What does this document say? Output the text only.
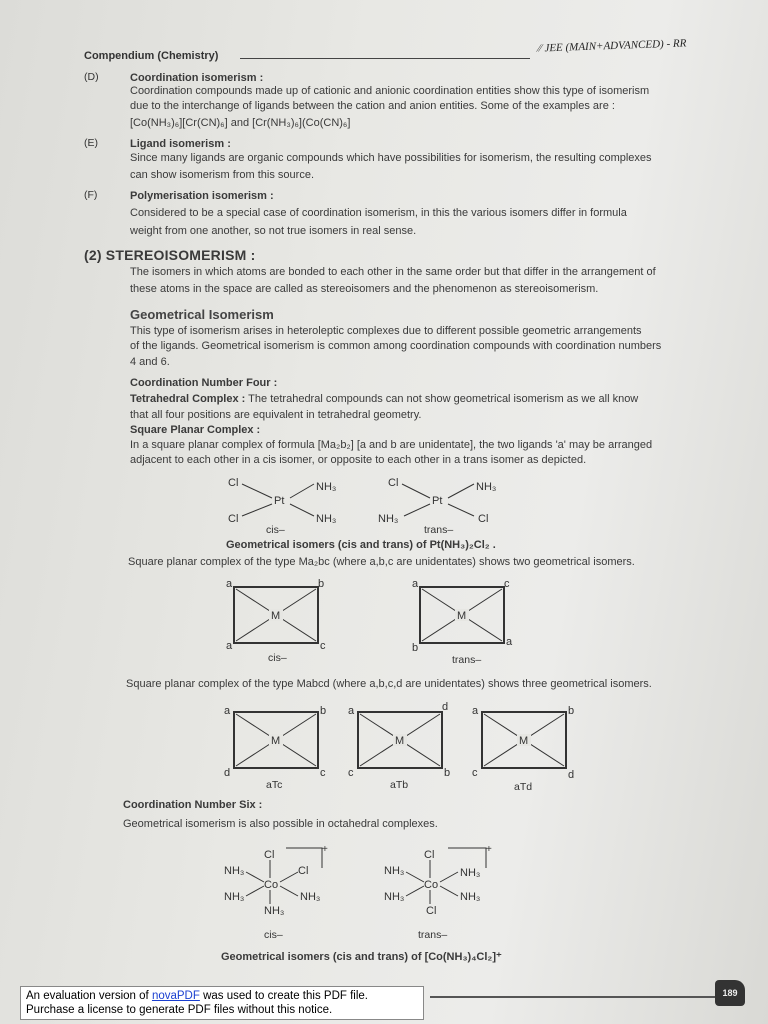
Compendium (Chemistry)
⁄⁄ JEE (MAIN+ADVANCED) - RR
(D)	Coordination isomerism :
Coordination compounds made up of cationic and anionic coordination entities show this type of isomerism
due to the interchange of ligands between the cation and anion entities. Some of the examples are :
[Co(NH₃)₆][Cr(CN)₆] and [Cr(NH₃)₆](Co(CN)₆]
(E)	Ligand isomerism :
Since many ligands are organic compounds which have possibilities for isomerism, the resulting complexes
can show isomerism from this source.
(F)	Polymerisation isomerism :
Considered to be a special case of coordination isomerism, in this the various isomers differ in formula
weight from one another, so not true isomers in real sense.
(2) STEREOISOMERISM :
The isomers in which atoms are bonded to each other in the same order but that differ in the arrangement of
these atoms in the space are called as stereoisomers and the phenomenon as stereoisomerism.
Geometrical Isomerism
This type of isomerism arises in heteroleptic complexes due to different possible geometric arrangements
of the ligands. Geometrical isomerism is common among coordination compounds with coordination numbers
4 and 6.
Coordination Number Four :
Tetrahedral Complex : The tetrahedral compounds can not show geometrical isomerism as we all know
that all four positions are equivalent in tetrahedral geometry.
Square Planar Complex :
In a square planar complex of formula [Ma₂b₂] [a and b are unidentate], the two ligands 'a' may be arranged
adjacent to each other in a cis isomer, or opposite to each other in a trans isomer as depicted.
Cl	NH₃
Pt
Cl	NH₃
cis–
Cl	NH₃
Pt
NH₃	Cl
trans–
Geometrical isomers (cis and trans) of Pt(NH₃)₂Cl₂ .
Square planar complex of the type Ma₂bc (where a,b,c are unidentates) shows two geometrical isomers.
M
a	b
a	c
cis–
M
a	c
b	a
trans–
Square planar complex of the type Mabcd (where a,b,c,d are unidentates) shows three geometrical isomers.
M
a	b
d	c
aTc
M
a	d
c	b
aTb
M
a	b
c	d
aTd
Coordination Number Six :
Geometrical isomerism is also possible in octahedral complexes.
Cl
NH₃	Cl
Co
NH₃	NH₃
NH₃
+
cis–
Cl
NH₃	NH₃
Co
NH₃	NH₃
Cl
+
trans–
Geometrical isomers (cis and trans) of [Co(NH₃)₄Cl₂]⁺
189
An evaluation version of novaPDF was used to create this PDF file.
Purchase a license to generate PDF files without this notice.
